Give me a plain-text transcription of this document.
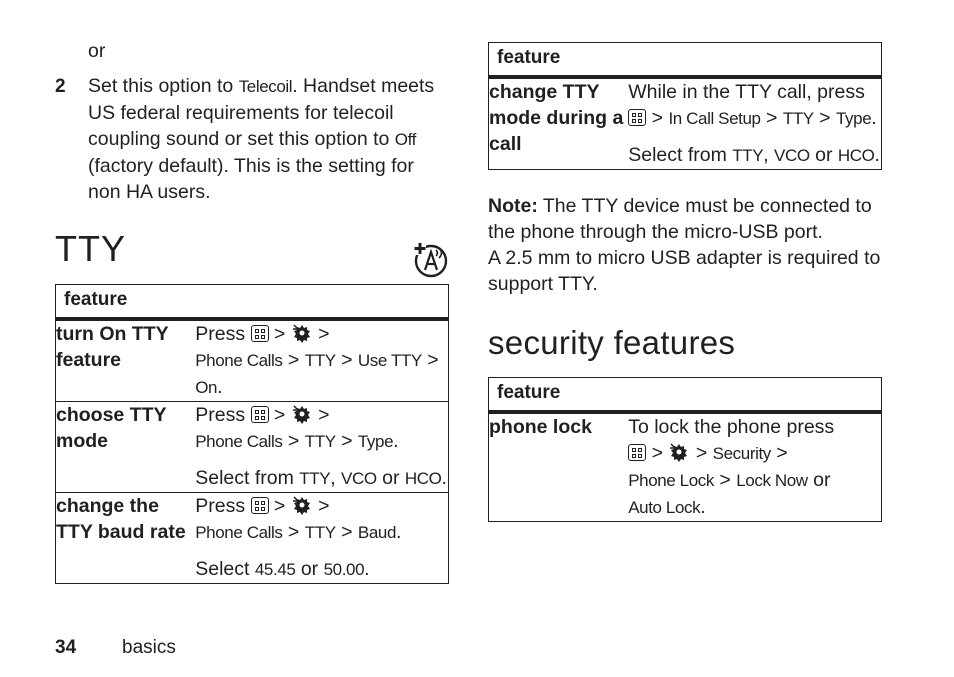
or
2 Set this option to Telecoil. Handset meets US federal requirements for telecoil coupling sound or set this option to Off (factory default). This is the setting for non HA users.
TTY
feature	
turn On TTY feature	Press
>  >
Phone Calls > TTY > Use TTY > On.
choose TTY mode	Press
>  >
Phone Calls > TTY > Type.
Select from TTY, VCO or HCO.
change the TTY baud rate	Press
>  >
Phone Calls > TTY > Baud.
Select 45.45 or 50.00.
feature
change TTY mode during a call	While in the TTY call, press

> In Call Setup > TTY > Type.
Select from TTY, VCO or HCO.
Note: The TTY device must be connected to the phone through the micro-USB port.
A 2.5 mm to micro USB adapter is required to support TTY.
security features
feature
phone lock	To lock the phone press

>  > Security >
Phone Lock > Lock Now or
Auto Lock.
34 basics
